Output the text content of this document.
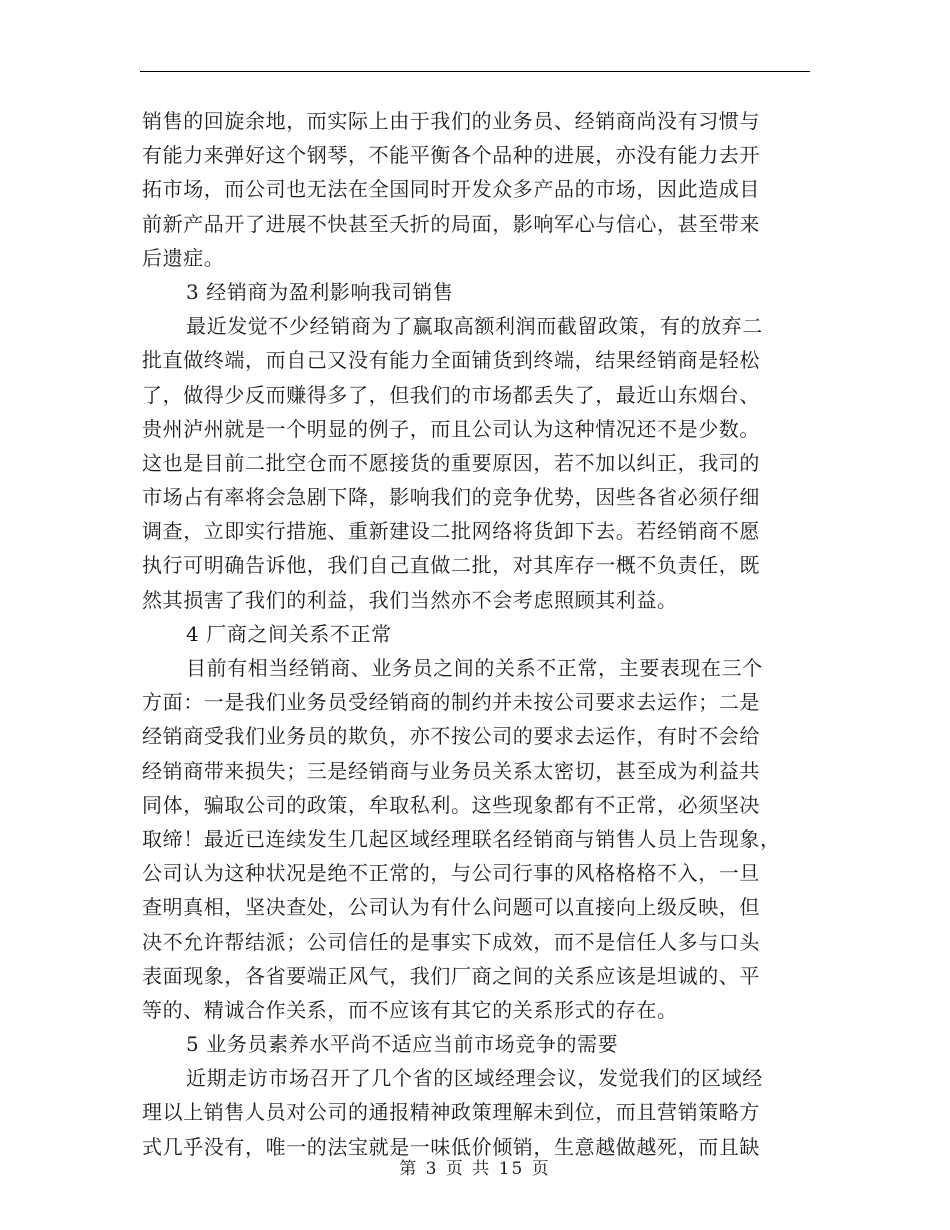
销售的回旋余地，而实际上由于我们的业务员、经销商尚没有习惯与
有能力来弹好这个钢琴，不能平衡各个品种的进展，亦没有能力去开
拓市场，而公司也无法在全国同时开发众多产品的市场，因此造成目
前新产品开了进展不快甚至夭折的局面，影响军心与信心，甚至带来
后遗症。
3 经销商为盈利影响我司销售
最近发觉不少经销商为了赢取高额利润而截留政策，有的放弃二
批直做终端，而自己又没有能力全面铺货到终端，结果经销商是轻松
了，做得少反而赚得多了，但我们的市场都丢失了，最近山东烟台、
贵州泸州就是一个明显的例子，而且公司认为这种情况还不是少数。
这也是目前二批空仓而不愿接货的重要原因，若不加以纠正，我司的
市场占有率将会急剧下降，影响我们的竞争优势，因些各省必须仔细
调查，立即实行措施、重新建设二批网络将货卸下去。若经销商不愿
执行可明确告诉他，我们自己直做二批，对其库存一概不负责任，既
然其损害了我们的利益，我们当然亦不会考虑照顾其利益。
4 厂商之间关系不正常
目前有相当经销商、业务员之间的关系不正常，主要表现在三个
方面：一是我们业务员受经销商的制约并未按公司要求去运作；二是
经销商受我们业务员的欺负，亦不按公司的要求去运作，有时不会给
经销商带来损失；三是经销商与业务员关系太密切，甚至成为利益共
同体，骗取公司的政策，牟取私利。这些现象都有不正常，必须坚决
取缔！最近已连续发生几起区域经理联名经销商与销售人员上告现象，
公司认为这种状况是绝不正常的，与公司行事的风格格格不入，一旦
查明真相，坚决查处，公司认为有什么问题可以直接向上级反映，但
决不允许帮结派；公司信任的是事实下成效，而不是信任人多与口头
表面现象，各省要端正风气，我们厂商之间的关系应该是坦诚的、平
等的、精诚合作关系，而不应该有其它的关系形式的存在。
5 业务员素养水平尚不适应当前市场竞争的需要
近期走访市场召开了几个省的区域经理会议，发觉我们的区域经
理以上销售人员对公司的通报精神政策理解未到位，而且营销策略方
式几乎没有，唯一的法宝就是一味低价倾销，生意越做越死，而且缺
第 3 页 共 15 页
